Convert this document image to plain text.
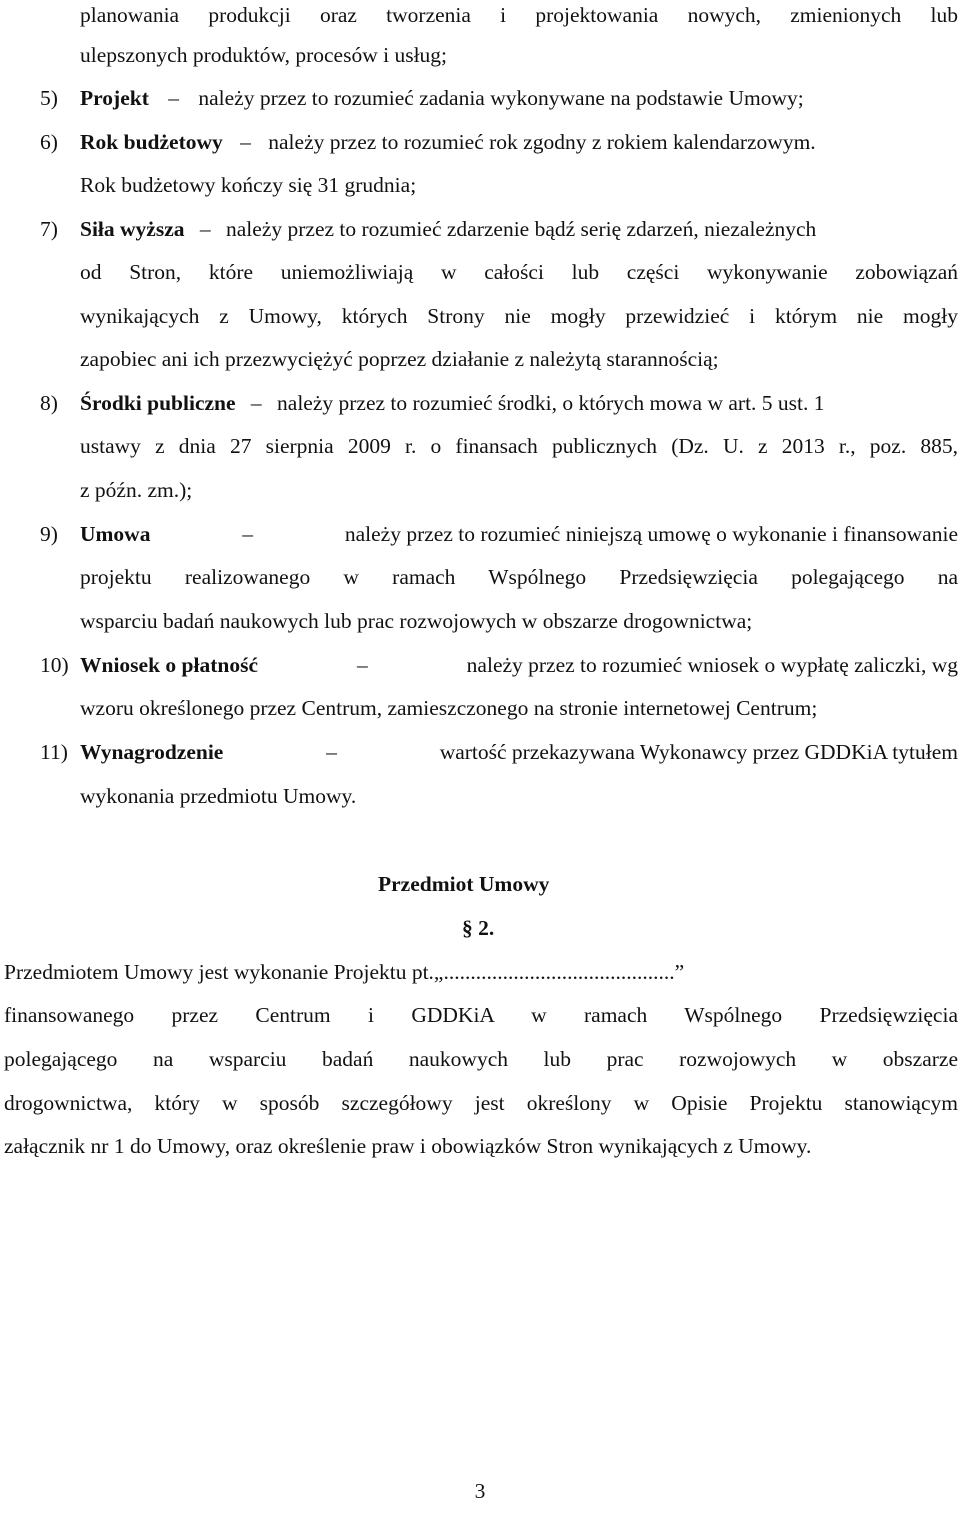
planowania produkcji oraz tworzenia i projektowania nowych, zmienionych lub
ulepszonych produktów, procesów i usług;
5) Projekt – należy przez to rozumieć zadania wykonywane na podstawie Umowy;
6) Rok budżetowy – należy przez to rozumieć rok zgodny z rokiem kalendarzowym.
Rok budżetowy kończy się 31 grudnia;
7) Siła wyższa – należy przez to rozumieć zdarzenie bądź serię zdarzeń, niezależnych
od Stron, które uniemożliwiają w całości lub części wykonywanie zobowiązań
wynikających z Umowy, których Strony nie mogły przewidzieć i którym nie mogły
zapobiec ani ich przezwyciężyć poprzez działanie z należytą starannością;
8) Środki publiczne – należy przez to rozumieć środki, o których mowa w art. 5 ust. 1
ustawy z dnia 27 sierpnia 2009 r. o finansach publicznych (Dz. U. z 2013 r., poz. 885,
z późn. zm.);
9) Umowa	–	należy przez to rozumieć niniejszą umowę o wykonanie i finansowanie
projektu realizowanego w ramach Wspólnego Przedsięwzięcia polegającego na
wsparciu badań naukowych lub prac rozwojowych w obszarze drogownictwa;
10) Wniosek o płatność	–	należy przez to rozumieć wniosek o wypłatę zaliczki, wg
wzoru określonego przez Centrum, zamieszczonego na stronie internetowej Centrum;
11) Wynagrodzenie	–	wartość przekazywana Wykonawcy przez GDDKiA tytułem
wykonania przedmiotu Umowy.
Przedmiot Umowy
§ 2.
Przedmiotem Umowy jest wykonanie Projektu pt.„...........................................”
finansowanego przez Centrum i GDDKiA w ramach Wspólnego Przedsięwzięcia
polegającego na wsparciu badań naukowych lub prac rozwojowych w obszarze
drogownictwa, który w sposób szczegółowy jest określony w Opisie Projektu stanowiącym
załącznik nr 1 do Umowy, oraz określenie praw i obowiązków Stron wynikających z Umowy.
3
